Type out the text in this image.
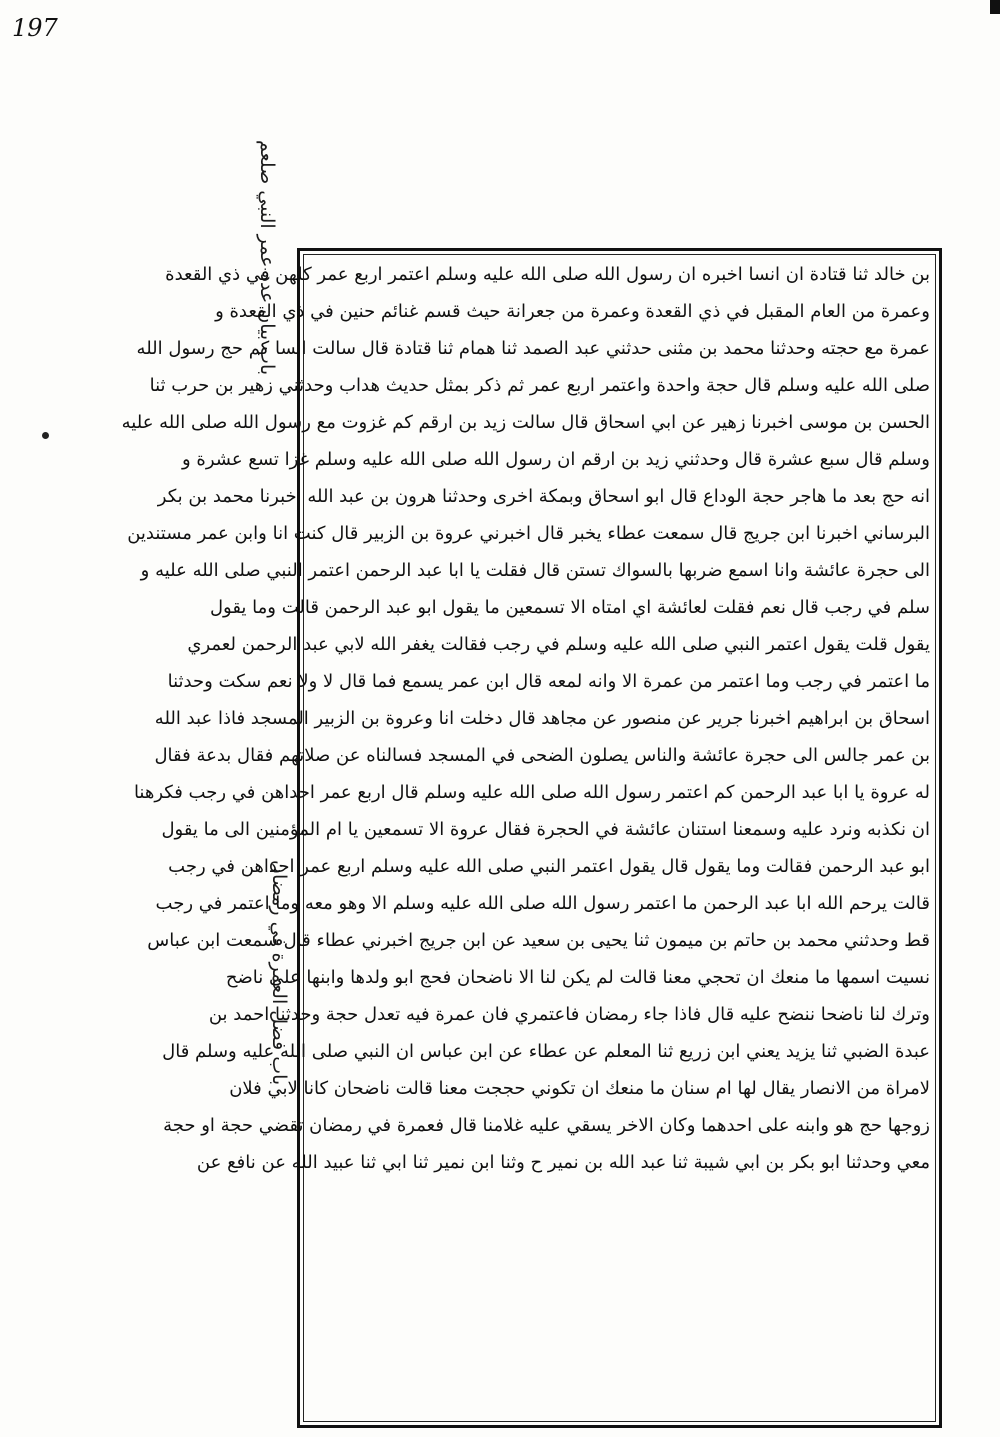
197
باب بيان عدد عمر النبي صلعم
باب فضل العمرة في رمضان
بن خالد ثنا قتادة ان انسا اخبره ان رسول الله صلى الله عليه وسلم اعتمر اربع عمر كلهن في ذي القعدة
وعمرة من العام المقبل في ذي القعدة وعمرة من جعرانة حيث قسم غنائم حنين في ذي القعدة و
عمرة مع حجته وحدثنا محمد بن مثنى حدثني عبد الصمد ثنا همام ثنا قتادة قال سالت انسا كم حج رسول الله
صلى الله عليه وسلم قال حجة واحدة واعتمر اربع عمر ثم ذكر بمثل حديث هداب وحدثني زهير بن حرب ثنا
الحسن بن موسى اخبرنا زهير عن ابي اسحاق قال سالت زيد بن ارقم كم غزوت مع رسول الله صلى الله عليه
وسلم قال سبع عشرة قال وحدثني زيد بن ارقم ان رسول الله صلى الله عليه وسلم غزا تسع عشرة و
انه حج بعد ما هاجر حجة الوداع قال ابو اسحاق وبمكة اخرى وحدثنا هرون بن عبد الله اخبرنا محمد بن بكر
البرساني اخبرنا ابن جريج قال سمعت عطاء يخبر قال اخبرني عروة بن الزبير قال كنت انا وابن عمر مستندين
الى حجرة عائشة وانا اسمع ضربها بالسواك تستن قال فقلت يا ابا عبد الرحمن اعتمر النبي صلى الله عليه و
سلم في رجب قال نعم فقلت لعائشة اي امتاه الا تسمعين ما يقول ابو عبد الرحمن قالت وما يقول
يقول قلت يقول اعتمر النبي صلى الله عليه وسلم في رجب فقالت يغفر الله لابي عبد الرحمن لعمري
ما اعتمر في رجب وما اعتمر من عمرة الا وانه لمعه قال ابن عمر يسمع فما قال لا ولا نعم سكت وحدثنا
اسحاق بن ابراهيم اخبرنا جرير عن منصور عن مجاهد قال دخلت انا وعروة بن الزبير المسجد فاذا عبد الله
بن عمر جالس الى حجرة عائشة والناس يصلون الضحى في المسجد فسالناه عن صلاتهم فقال بدعة فقال
له عروة يا ابا عبد الرحمن كم اعتمر رسول الله صلى الله عليه وسلم قال اربع عمر احداهن في رجب فكرهنا
ان نكذبه ونرد عليه وسمعنا استنان عائشة في الحجرة فقال عروة الا تسمعين يا ام المؤمنين الى ما يقول
ابو عبد الرحمن فقالت وما يقول قال يقول اعتمر النبي صلى الله عليه وسلم اربع عمر احداهن في رجب
قالت يرحم الله ابا عبد الرحمن ما اعتمر رسول الله صلى الله عليه وسلم الا وهو معه وما اعتمر في رجب
قط وحدثني محمد بن حاتم بن ميمون ثنا يحيى بن سعيد عن ابن جريج اخبرني عطاء قال سمعت ابن عباس
نسيت اسمها ما منعك ان تحجي معنا قالت لم يكن لنا الا ناضحان فحج ابو ولدها وابنها على ناضح
وترك لنا ناضحا ننضح عليه قال فاذا جاء رمضان فاعتمري فان عمرة فيه تعدل حجة وحدثنا احمد بن
عبدة الضبي ثنا يزيد يعني ابن زريع ثنا المعلم عن عطاء عن ابن عباس ان النبي صلى الله عليه وسلم قال
لامراة من الانصار يقال لها ام سنان ما منعك ان تكوني حججت معنا قالت ناضحان كانا لابي فلان
زوجها حج هو وابنه على احدهما وكان الاخر يسقي عليه غلامنا قال فعمرة في رمضان تقضي حجة او حجة
معي وحدثنا ابو بكر بن ابي شيبة ثنا عبد الله بن نمير ح وثنا ابن نمير ثنا ابي ثنا عبيد الله عن نافع عن
